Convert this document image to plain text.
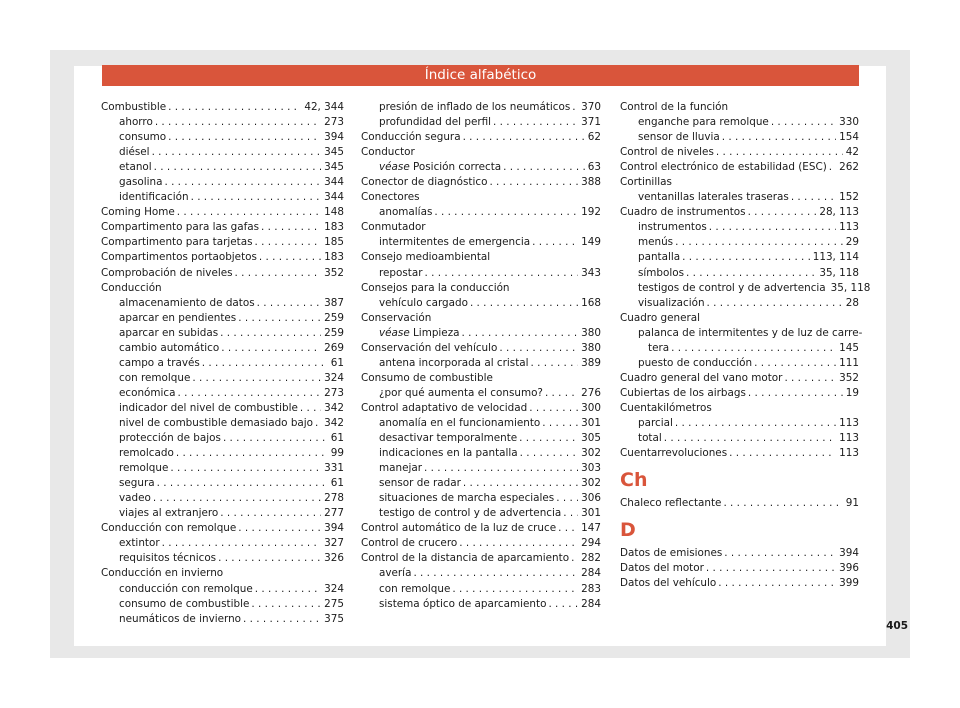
Índice alfabético
Combustible . . .	42, 344
ahorro . . .	273
consumo . . .	394
diésel . . .	345
etanol . . .	345
gasolina . . .	344
identificación . . .	344
Coming Home . . .	148
Compartimento para las gafas . . .	183
Compartimento para tarjetas . . .	185
Compartimentos portaobjetos . . .	183
Comprobación de niveles . . .	352
Conducción
almacenamiento de datos . . .	387
aparcar en pendientes . . .	259
aparcar en subidas . . .	259
cambio automático . . .	269
campo a través . . .	61
con remolque . . .	324
económica . . .	273
indicador del nivel de combustible . . .	342
nivel de combustible demasiado bajo . . . 342
protección de bajos . . .	61
remolcado . . .	99
remolque . . .	331
segura . . .	61
vadeo . . .	278
viajes al extranjero . . .	277
Conducción con remolque . . .	394
extintor . . .	327
requisitos técnicos . . .	326
Conducción en invierno
conducción con remolque . . .	324
consumo de combustible . . .	275
neumáticos de invierno . . .	375
presión de inflado de los neumáticos . . . 370
profundidad del perfil . . .	371
Conducción segura . . .	62
Conductor
véase Posición correcta . . .	63
Conector de diagnóstico . . .	388
Conectores
anomalías . . .	192
Conmutador
intermitentes de emergencia . . .	149
Consejo medioambiental
repostar . . .	343
Consejos para la conducción
vehículo cargado . . .	168
Conservación
véase Limpieza . . .	380
Conservación del vehículo . . .	380
antena incorporada al cristal . . .	389
Consumo de combustible
¿por qué aumenta el consumo? . . .	276
Control adaptativo de velocidad . . .	300
anomalía en el funcionamiento . . .	301
desactivar temporalmente . . .	305
indicaciones en la pantalla . . .	302
manejar . . .	303
sensor de radar . . .	302
situaciones de marcha especiales . . .	306
testigo de control y de advertencia . . . 301
Control automático de la luz de cruce . . . 147
Control de crucero . . .	294
Control de la distancia de aparcamiento . . . 282
avería . . .	284
con remolque . . .	283
sistema óptico de aparcamiento . . .	284
Control de la función
enganche para remolque . . .	330
sensor de lluvia . . .	154
Control de niveles . . .	42
Control electrónico de estabilidad (ESC) . . . 262
Cortinillas
ventanillas laterales traseras . . .	152
Cuadro de instrumentos . . .	28, 113
instrumentos . . .	113
menús . . .	29
pantalla . . .	113, 114
símbolos . . .	35, 118
testigos de control y de advertencia 35, 118
visualización . . .	28
Cuadro general
palanca de intermitentes y de luz de carre-
tera . . .	145
puesto de conducción . . .	111
Cuadro general del vano motor . . .	352
Cubiertas de los airbags . . .	19
Cuentakilómetros
parcial . . .	113
total . . .	113
Cuentarrevoluciones . . .	113
Ch
Chaleco reflectante . . .	91
D
Datos de emisiones . . .	394
Datos del motor . . .	396
Datos del vehículo . . .	399
405
